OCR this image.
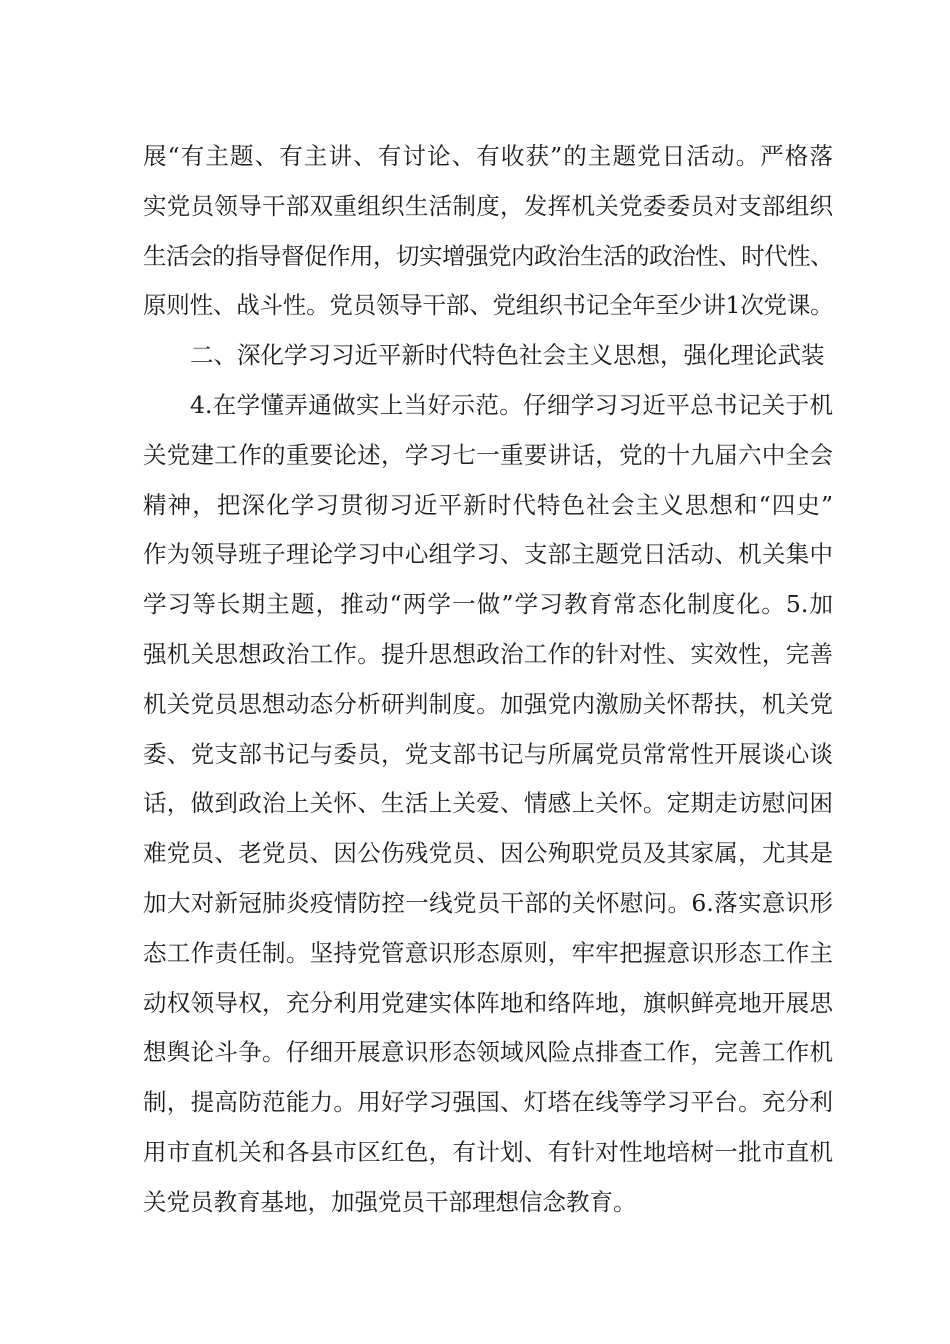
展“有主题、有主讲、有讨论、有收获”的主题党日活动。严格落
实党员领导干部双重组织生活制度，发挥机关党委委员对支部组织
生活会的指导督促作用，切实增强党内政治生活的政治性、时代性、
原则性、战斗性。党员领导干部、党组织书记全年至少讲1次党课。
二、深化学习习近平新时代特色社会主义思想，强化理论武装
4.在学懂弄通做实上当好示范。仔细学习习近平总书记关于机
关党建工作的重要论述，学习七一重要讲话，党的十九届六中全会
精神，把深化学习贯彻习近平新时代特色社会主义思想和“四史”
作为领导班子理论学习中心组学习、支部主题党日活动、机关集中
学习等长期主题，推动“两学一做”学习教育常态化制度化。5.加
强机关思想政治工作。提升思想政治工作的针对性、实效性，完善
机关党员思想动态分析研判制度。加强党内激励关怀帮扶，机关党
委、党支部书记与委员，党支部书记与所属党员常常性开展谈心谈
话，做到政治上关怀、生活上关爱、情感上关怀。定期走访慰问困
难党员、老党员、因公伤残党员、因公殉职党员及其家属，尤其是
加大对新冠肺炎疫情防控一线党员干部的关怀慰问。6.落实意识形
态工作责任制。坚持党管意识形态原则，牢牢把握意识形态工作主
动权领导权，充分利用党建实体阵地和络阵地，旗帜鲜亮地开展思
想舆论斗争。仔细开展意识形态领域风险点排查工作，完善工作机
制，提高防范能力。用好学习强国、灯塔在线等学习平台。充分利
用市直机关和各县市区红色，有计划、有针对性地培树一批市直机
关党员教育基地，加强党员干部理想信念教育。
